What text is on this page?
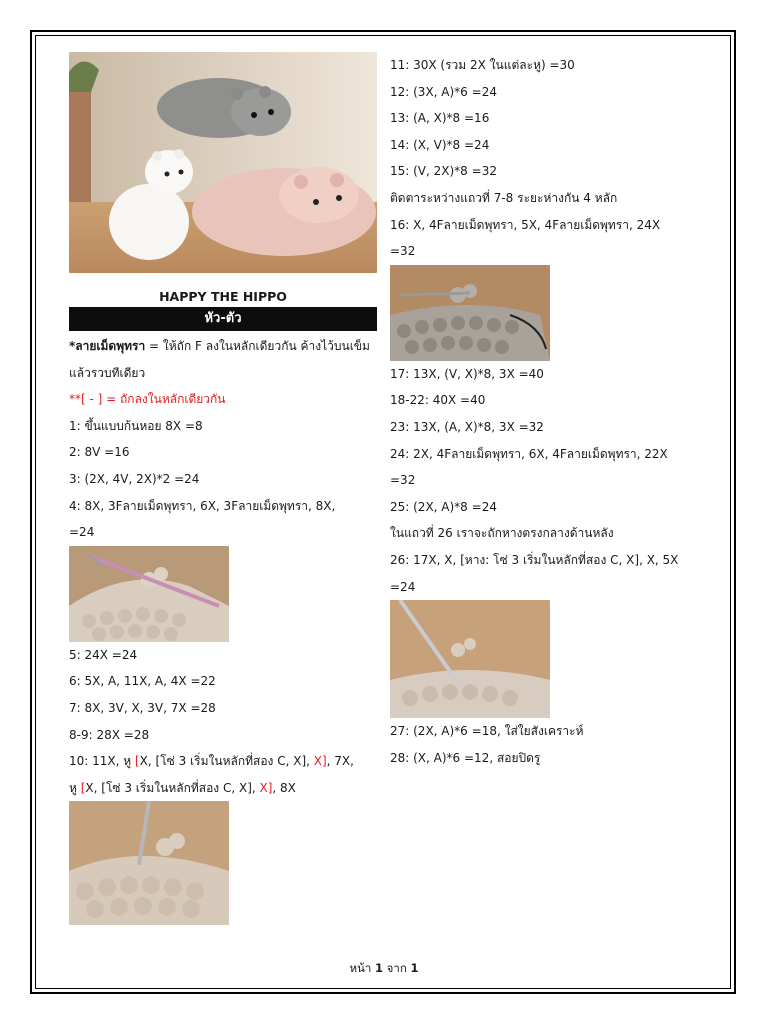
HAPPY THE HIPPO
หัว-ตัว
*ลายเม็ดพุทรา = ให้ถัก F ลงในหลักเดียวกัน ค้างไว้บนเข็ม แล้วรวบทีเดียว
**[ - ] = ถักลงในหลักเดียวกัน
1: ขึ้นแบบก้นหอย 8X =8
2: 8V =16
3: (2X, 4V, 2X)*2 =24
4: 8X, 3Fลายเม็ดพุทรา, 6X, 3Fลายเม็ดพุทรา, 8X,
=24
5: 24X =24
6: 5X, A, 11X, A, 4X =22
7: 8X, 3V, X, 3V, 7X =28
8-9: 28X =28
10: 11X, หู [X, [โซ่ 3 เริ่มในหลักที่สอง C, X], X], 7X,
หู [X, [โซ่ 3 เริ่มในหลักที่สอง C, X], X], 8X
11: 30X (รวม 2X ในแต่ละหู) =30
12: (3X, A)*6 =24
13: (A, X)*8 =16
14: (X, V)*8 =24
15: (V, 2X)*8 =32
ติดตาระหว่างแถวที่ 7-8 ระยะห่างกัน 4 หลัก
16: X, 4Fลายเม็ดพุทรา, 5X, 4Fลายเม็ดพุทรา, 24X
=32
17: 13X, (V, X)*8, 3X =40
18-22: 40X =40
23: 13X, (A, X)*8, 3X =32
24: 2X, 4Fลายเม็ดพุทรา, 6X, 4Fลายเม็ดพุทรา, 22X
=32
25: (2X, A)*8 =24
ในแถวที่ 26 เราจะถักหางตรงกลางด้านหลัง
26: 17X, X, [หาง: โซ่ 3 เริ่มในหลักที่สอง C, X], X, 5X
=24
27: (2X, A)*6 =18, ใส่ใยสังเคราะห์
28: (X, A)*6 =12, สอยปิดรู
หน้า 1 จาก 1
